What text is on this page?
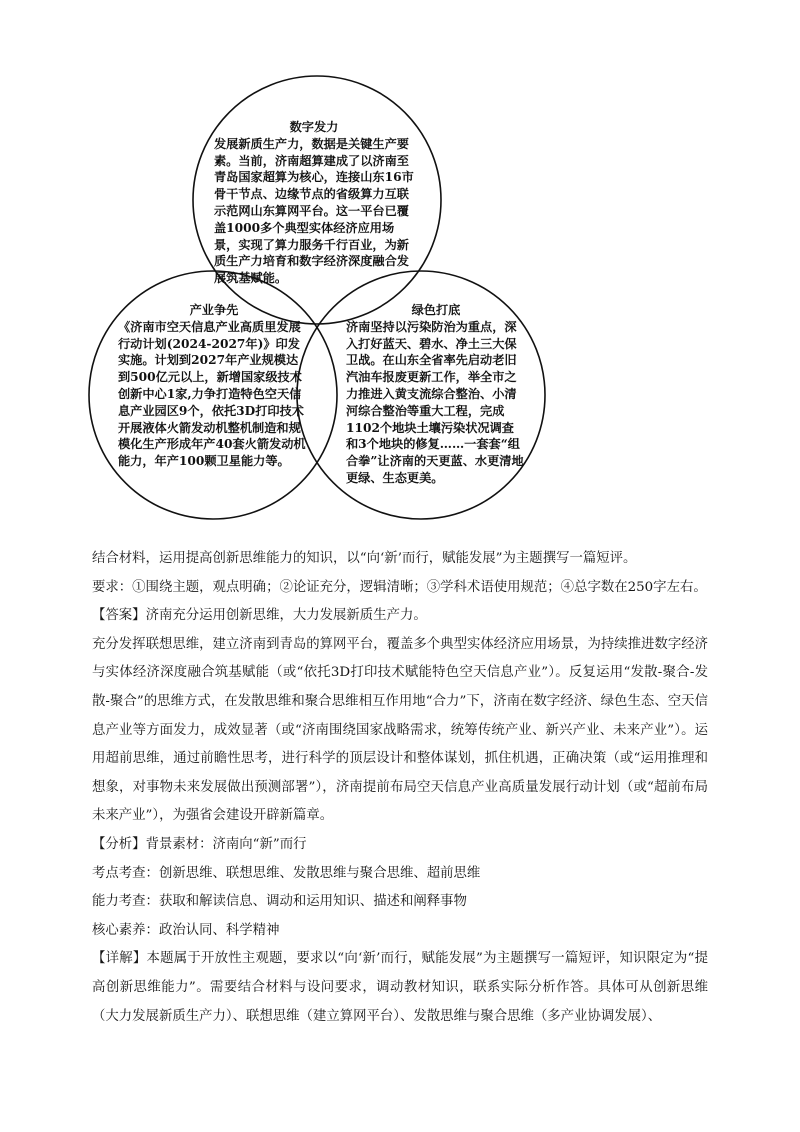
数字发力
发展新质生产力，数据是关键生产要素。当前，济南超算建成了以济南至青岛国家超算为核心，连接山东16市骨干节点、边缘节点的省级算力互联示范网山东算网平台。这一平台已覆盖1000多个典型实体经济应用场景，实现了算力服务千行百业，为新质生产力培育和数字经济深度融合发展筑基赋能。
产业争先
《济南市空天信息产业高质里发展行动计划(2024-2027年)》印发实施。计划到2027年产业规模达到500亿元以上，新增国家级技术创新中心1家,力争打造特色空天信息产业园区9个，依托3D打印技术开展液体火箭发动机整机制造和规模化生产形成年产40套火箭发动机能力，年产100颗卫星能力等。
绿色打底
济南坚持以污染防治为重点，深入打好蓝天、碧水、净土三大保卫战。在山东全省率先启动老旧汽油车报废更新工作，举全市之力推进入黄支流综合整治、小清河综合整治等重大工程，完成1102个地块土壤污染状况调查和3个地块的修复……一套套“组合拳”让济南的天更蓝、水更清地更绿、生态更美。

结合材料，运用提高创新思维能力的知识，以“向‘新’而行，赋能发展”为主题撰写一篇短评。

要求：①围绕主题，观点明确；②论证充分，逻辑清晰；③学科术语使用规范；④总字数在250字左右。

【答案】济南充分运用创新思维，大力发展新质生产力。

充分发挥联想思维，建立济南到青岛的算网平台，覆盖多个典型实体经济应用场景，为持续推进数字经济与实体经济深度融合筑基赋能（或“依托3D打印技术赋能特色空天信息产业”）。反复运用“发散-聚合-发散-聚合”的思维方式，在发散思维和聚合思维相互作用地“合力”下，济南在数字经济、绿色生态、空天信息产业等方面发力，成效显著（或“济南围绕国家战略需求，统筹传统产业、新兴产业、未来产业”）。运用超前思维，通过前瞻性思考，进行科学的顶层设计和整体谋划，抓住机遇，正确决策（或“运用推理和想象，对事物未来发展做出预测部署”），济南提前布局空天信息产业高质量发展行动计划（或“超前布局未来产业”），为强省会建设开辟新篇章。

【分析】背景素材：济南向“新”而行

考点考查：创新思维、联想思维、发散思维与聚合思维、超前思维

能力考查：获取和解读信息、调动和运用知识、描述和阐释事物

核心素养：政治认同、科学精神

【详解】本题属于开放性主观题，要求以“向‘新’而行，赋能发展”为主题撰写一篇短评，知识限定为“提高创新思维能力”。需要结合材料与设问要求，调动教材知识，联系实际分析作答。具体可从创新思维（大力发展新质生产力）、联想思维（建立算网平台）、发散思维与聚合思维（多产业协调发展）、
